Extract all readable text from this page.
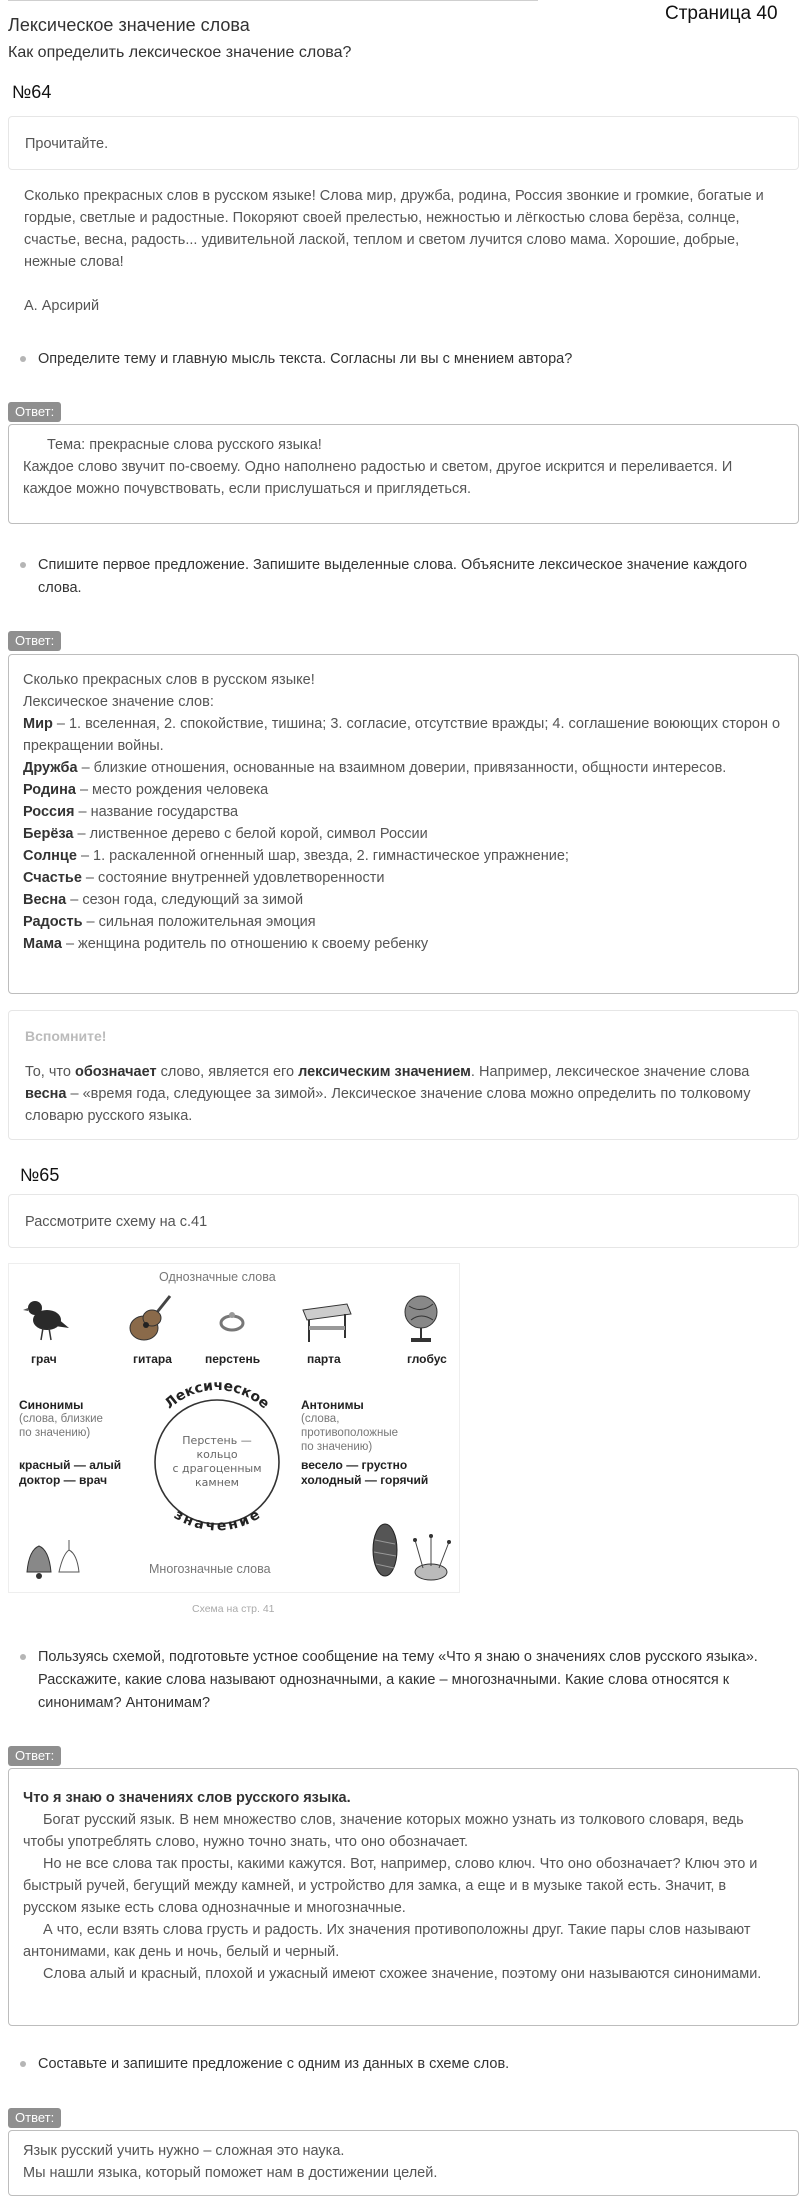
Лексическое значение слова
Страница 40
Как определить лексическое значение слова?
№64
Прочитайте.
Сколько прекрасных слов в русском языке! Слова мир, дружба, родина, Россия звонкие и громкие, богатые и гордые, светлые и радостные. Покоряют своей прелестью, нежностью и лёгкостью слова берёза, солнце, счастье, весна, радость... удивительной лаской, теплом и светом лучится слово мама. Хорошие, добрые, нежные слова!
А. Арсирий
Определите тему и главную мысль текста. Согласны ли вы с мнением автора?
Ответ:
Тема: прекрасные слова русского языка!
Каждое слово звучит по-своему. Одно наполнено радостью и светом, другое искрится и переливается. И каждое можно почувствовать, если прислушаться и приглядеться.
Спишите первое предложение. Запишите выделенные слова. Объясните лексическое значение каждого слова.
Ответ:
Сколько прекрасных слов в русском языке!
Лексическое значение слов:
Мир – 1. вселенная, 2. спокойствие, тишина; 3. согласие, отсутствие вражды; 4. соглашение воюющих сторон о прекращении войны.
Дружба – близкие отношения, основанные на взаимном доверии, привязанности, общности интересов.
Родина – место рождения человека
Россия – название государства
Берёза – лиственное дерево с белой корой, символ России
Солнце – 1. раскаленной огненный шар, звезда, 2. гимнастическое упражнение;
Счастье – состояние внутренней удовлетворенности
Весна – сезон года, следующий за зимой
Радость – сильная положительная эмоция
Мама – женщина родитель по отношению к своему ребенку
Вспомните!
То, что обозначает слово, является его лексическим значением. Например, лексическое значение слова весна – «время года, следующее за зимой». Лексическое значение слова можно определить по толковому словарю русского языка.
№65
Рассмотрите схему на с.41
Однозначные слова
грач	гитара	перстень	парта	глобус
Лексическое
значение
Перстень —
кольцо
с драгоценным
камнем
Синонимы
(слова, близкие
по значению)
красный — алый
доктор — врач
Антонимы
(слова,
противоположные
по значению)
весело — грустно
холодный — горячий
Многозначные слова
Схема на стр. 41
Пользуясь схемой, подготовьте устное сообщение на тему «Что я знаю о значениях слов русского языка». Расскажите, какие слова называют однозначными, а какие – многозначными. Какие слова относятся к синонимам? Антонимам?
Ответ:
Что я знаю о значениях слов русского языка.
Богат русский язык. В нем множество слов, значение которых можно узнать из толкового словаря, ведь чтобы употреблять слово, нужно точно знать, что оно обозначает.
Но не все слова так просты, какими кажутся. Вот, например, слово ключ. Что оно обозначает? Ключ это и быстрый ручей, бегущий между камней, и устройство для замка, а еще и в музыке такой есть. Значит, в русском языке есть слова однозначные и многозначные.
А что, если взять слова грусть и радость. Их значения противоположны друг. Такие пары слов называют антонимами, как день и ночь, белый и черный.
Слова алый и красный, плохой и ужасный имеют схожее значение, поэтому они называются синонимами.
Составьте и запишите предложение с одним из данных в схеме слов.
Ответ:
Язык русский учить нужно – сложная это наука.
Мы нашли языка, который поможет нам в достижении целей.
